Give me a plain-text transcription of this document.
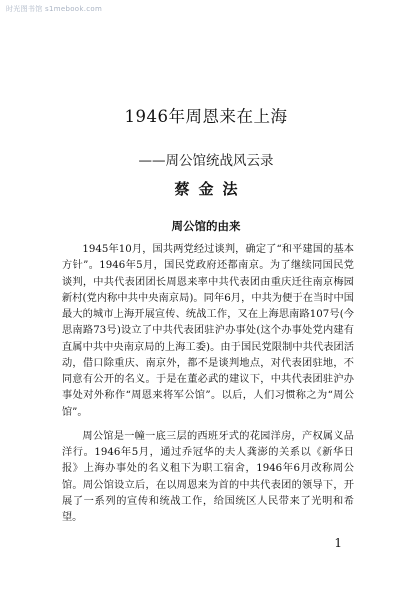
时光图书馆 s1mebook.com
1946年周恩来在上海
——周公馆统战风云录
蔡金法
周公馆的由来

1945年10月，国共两党经过谈判，确定了“和平建国的基本方针”。1946年5月，国民党政府还都南京。为了继续同国民党谈判，中共代表团团长周恩来率中共代表团由重庆迁往南京梅园新村(党内称中共中央南京局)。同年6月，中共为便于在当时中国最大的城市上海开展宣传、统战工作，又在上海思南路107号(今思南路73号)设立了中共代表团驻沪办事处(这个办事处党内建有直属中共中央南京局的上海工委)。由于国民党限制中共代表团活动，借口除重庆、南京外，都不是谈判地点，对代表团驻地，不同意有公开的名义。于是在董必武的建议下，中共代表团驻沪办事处对外称作“周恩来将军公馆”。以后，人们习惯称之为“周公馆”。

周公馆是一幢一底三层的西班牙式的花园洋房，产权属义品洋行。1946年5月，通过乔冠华的夫人龚澎的关系以《新华日报》上海办事处的名义租下为职工宿舍，1946年6月改称周公馆。周公馆设立后，在以周恩来为首的中共代表团的领导下，开展了一系列的宣传和统战工作，给国统区人民带来了光明和希望。

1
